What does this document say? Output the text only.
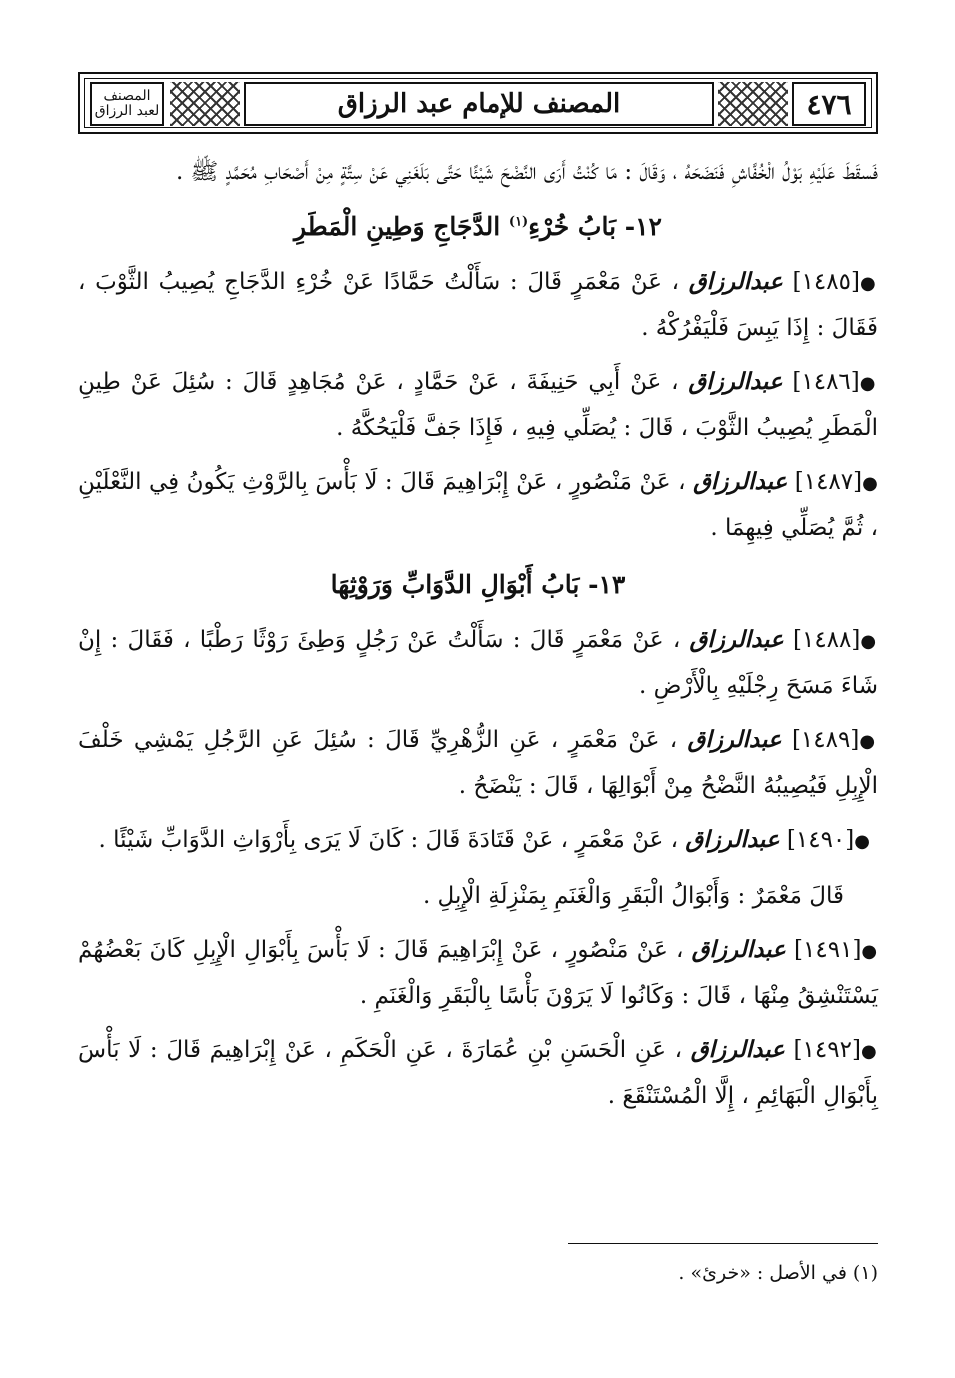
المصنف
لعبد الرزاق	المصنف للإمام عبد الرزاق	٤٧٦

فَسقَطَ عَلَيْهِ بَوْلُ الْخُفَّاشِ فَنَضَحَهُ ، وَقَالَ : مَا كُنْتُ أَرَى النَّضْحَ شَيْئًا حَتَّى بَلَغَنِي عَنْ سِتَّةٍ مِنْ أَصْحَابِ مُحَمَّدٍ ﷺ .

١٢- بَابُ خُرْءِ$^{(١)}$ الدَّجَاجِ وَطِينِ الْمَطَرِ

●[١٤٨٥] عبدالرزاق ، عَنْ مَعْمَرٍ قَالَ : سَأَلْتُ حَمَّادًا عَنْ خُرْءِ الدَّجَاجِ يُصِيبُ الثَّوْبَ ، فَقَالَ : إِذَا يَبِسَ فَلْيَفْرُكْهُ .

●[١٤٨٦] عبدالرزاق ، عَنْ أَبِي حَنِيفَةَ ، عَنْ حَمَّادٍ ، عَنْ مُجَاهِدٍ قَالَ : سُئِلَ عَنْ طِينِ الْمَطَرِ يُصِيبُ الثَّوْبَ ، قَالَ : يُصَلِّي فِيهِ ، فَإِذَا جَفَّ فَلْيَحُكَّهُ .

●[١٤٨٧] عبدالرزاق ، عَنْ مَنْصُورٍ ، عَنْ إِبْرَاهِيمَ قَالَ : لَا بَأْسَ بِالرَّوْثِ يَكُونُ فِي النَّعْلَيْنِ ، ثُمَّ يُصَلِّي فِيهِمَا .

١٣- بَابُ أَبْوَالِ الدَّوَابِّ وَرَوْثِهَا

●[١٤٨٨] عبدالرزاق ، عَنْ مَعْمَرٍ قَالَ : سَأَلْتُ عَنْ رَجُلٍ وَطِئَ رَوْثًا رَطْبًا ، فَقَالَ : إِنْ شَاءَ مَسَحَ رِجْلَيْهِ بِالْأَرْضِ .

●[١٤٨٩] عبدالرزاق ، عَنْ مَعْمَرٍ ، عَنِ الزُّهْرِيِّ قَالَ : سُئِلَ عَنِ الرَّجُلِ يَمْشِي خَلْفَ الْإِبِلِ فَيُصِيبُهُ النَّضْحُ مِنْ أَبْوَالِهَا ، قَالَ : يَنْضَحُ .

●[١٤٩٠] عبدالرزاق ، عَنْ مَعْمَرٍ ، عَنْ قَتَادَةَ قَالَ : كَانَ لَا يَرَى بِأَرْوَاثِ الدَّوَابِّ شَيْئًا .

قَالَ مَعْمَرٌ : وَأَبْوَالُ الْبَقَرِ وَالْغَنَمِ بِمَنْزِلَةِ الْإِبِلِ .

●[١٤٩١] عبدالرزاق ، عَنْ مَنْصُورٍ ، عَنْ إِبْرَاهِيمَ قَالَ : لَا بَأْسَ بِأَبْوَالِ الْإِبِلِ كَانَ بَعْضُهُمْ يَسْتَنْشِقُ مِنْهَا ، قَالَ : وَكَانُوا لَا يَرَوْنَ بَأْسًا بِالْبَقَرِ وَالْغَنَمِ .

●[١٤٩٢] عبدالرزاق ، عَنِ الْحَسَنِ بْنِ عُمَارَةَ ، عَنِ الْحَكَمِ ، عَنْ إِبْرَاهِيمَ قَالَ : لَا بَأْسَ بِأَبْوَالِ الْبَهَائِمِ ، إِلَّا الْمُسْتَنْقَعَ .

(١) في الأصل : «خرئ» .
